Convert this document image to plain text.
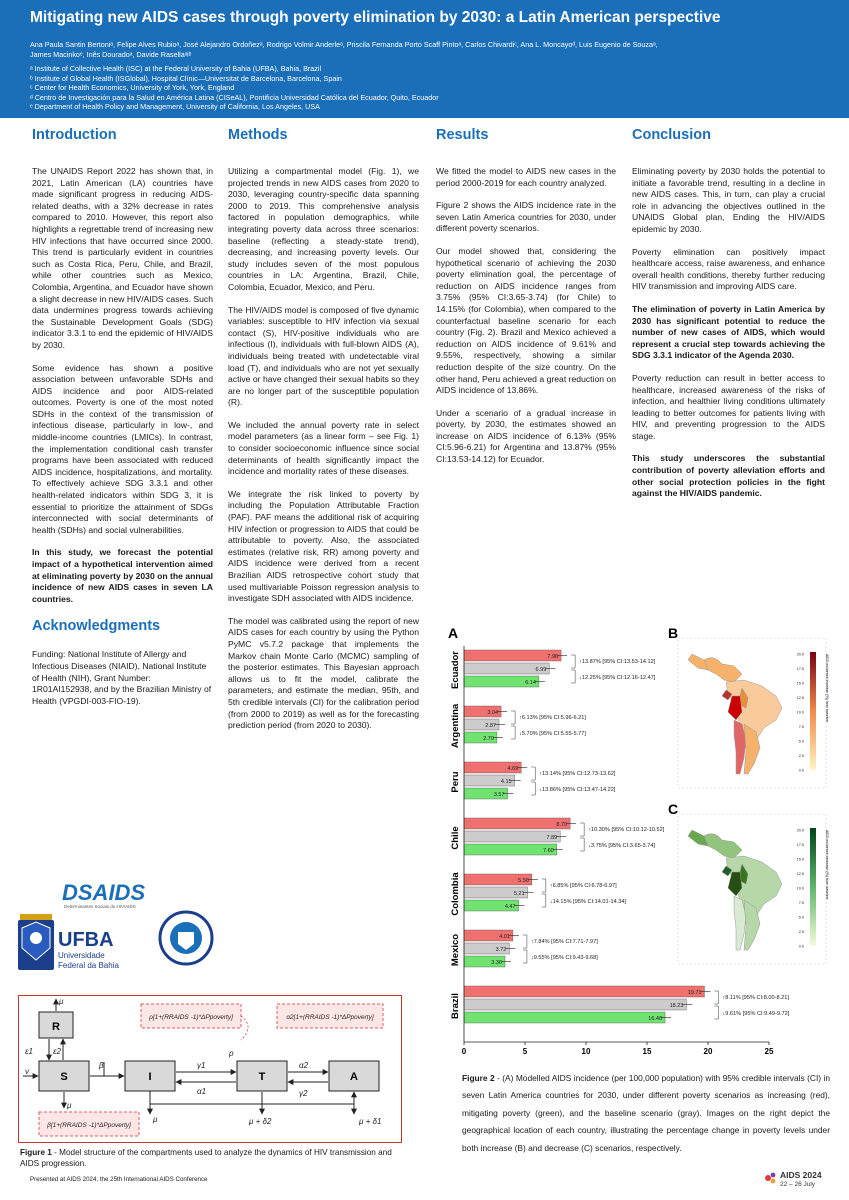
Mitigating new AIDS cases through poverty elimination by 2030: a Latin American perspective
Ana Paula Santin Bertoniᵃ, Felipe Alves Rubioᵃ, José Alejandro Ordoñezᵃ, Rodrigo Volmir Anderleᵃ, Priscila Fernanda Porto Scaff Pintoᵃ, Carlos Chivardiᶜ, Ana L. Moncayoᵈ, Luis Eugenio de Souzaᵃ,
James Macinkoᵉ, Inês Douradoᵃ, Davide Rasellaᵃʲᵇ
ᵃ Institute of Collective Health (ISC) at the Federal University of Bahia (UFBA), Bahia, Brazil
ᵇ Institute of Global Health (ISGlobal), Hospital Clínic—Universitat de Barcelona, Barcelona, Spain
ᶜ Center for Health Economics, University of York, York, England
ᵈ Centro de Investigación para la Salud en América Latina (CISeAL), Pontificia Universidad Católica del Ecuador, Quito, Ecuador
ᵉ Department of Health Policy and Management, University of California, Los Angeles, USA
Introduction
The UNAIDS Report 2022 has shown that, in 2021, Latin American (LA) countries have made significant progress in reducing AIDS-related deaths, with a 32% decrease in rates compared to 2010. However, this report also highlights a regrettable trend of increasing new HIV infections that have occurred since 2000. This trend is particularly evident in countries such as Costa Rica, Peru, Chile, and Brazil, while other countries such as Mexico, Colombia, Argentina, and Ecuador have shown a slight decrease in new HIV/AIDS cases. Such data undermines progress towards achieving the Sustainable Development Goals (SDG) indicator 3.3.1 to end the epidemic of HIV/AIDS by 2030.
Some evidence has shown a positive association between unfavorable SDHs and AIDS incidence and poor AIDS-related outcomes. Poverty is one of the most noted SDHs in the context of the transmission of infectious disease, particularly in low-, and middle-income countries (LMICs). In contrast, the implementation conditional cash transfer programs have been associated with reduced AIDS incidence, hospitalizations, and mortality. To effectively achieve SDG 3.3.1 and other health-related indicators within SDG 3, it is essential to prioritize the attainment of SDGs interconnected with social determinants of health (SDHs) and social vulnerabilities.
In this study, we forecast the potential impact of a hypothetical intervention aimed at eliminating poverty by 2030 on the annual incidence of new AIDS cases in seven LA countries.
Acknowledgments
Funding: National Institute of Allergy and Infectious Diseases (NIAID), National Institute of Health (NIH), Grant Number: 1R01AI152938, and by the Brazilian Ministry of Health (VPGDI-003-FIO-19).
DSAIDS
Determinantes Sociais do HIV/AIDS
UFBA
Universidade
Federal da Bahia
R
S	I	T	A
μ
ε1	ε2
β
v
γ1
α1
α2
γ2
ρ
μ
μ	μ + δ2	μ + δ1
ρ[1+(RRAIDS -1)*ΔPpoverty]	α2[1+(RRAIDS -1)*ΔPpoverty]
β[1+(RRAIDS -1)*ΔPpoverty]
Figure 1 - Model structure of the compartments used to analyze the dynamics of HIV transmission and AIDS progression.
Methods
Utilizing a compartmental model (Fig. 1), we projected trends in new AIDS cases from 2020 to 2030, leveraging country-specific data spanning 2000 to 2019. This comprehensive analysis factored in population demographics, while integrating poverty data across three scenarios: baseline (reflecting a steady-state trend), decreasing, and increasing poverty levels. Our study includes seven of the most populous countries in LA: Argentina, Brazil, Chile, Colombia, Ecuador, Mexico, and Peru.
The HIV/AIDS model is composed of five dynamic variables: susceptible to HIV infection via sexual contact (S), HIV-positive individuals who are infectious (I), individuals with full-blown AIDS (A), individuals being treated with undetectable viral load (T), and individuals who are not yet sexually active or have changed their sexual habits so they are no longer part of the susceptible population (R).
We included the annual poverty rate in select model parameters (as a linear form – see Fig. 1) to consider socioeconomic influence since social determinants of health significantly impact the incidence and mortality rates of these diseases.
We integrate the risk linked to poverty by including the Population Attributable Fraction (PAF). PAF means the additional risk of acquiring HIV infection or progression to AIDS that could be attributable to poverty. Also, the associated estimates (relative risk, RR) among poverty and AIDS incidence were derived from a recent Brazilian AIDS retrospective cohort study that used multivariable Poisson regression analysis to investigate SDH associated with AIDS incidence.
The model was calibrated using the report of new AIDS cases for each country by using the Python PyMC v5.7.2 package that implements the Markov chain Monte Carlo (MCMC) sampling of the posterior estimates. This Bayesian approach allows us to fit the model, calibrate the parameters, and estimate the median, 95th, and 5th credible intervals (CI) for the calibration period (from 2000 to 2019) as well as for the forecasting prediction period (from 2020 to 2030).
Results
We fitted the model to AIDS new cases in the period 2000-2019 for each country analyzed.
Figure 2 shows the AIDS incidence rate in the seven Latin America countries for 2030, under different poverty scenarios.
Our model showed that, considering the hypothetical scenario of achieving the 2030 poverty elimination goal, the percentage of reduction on AIDS incidence ranges from 3.75% (95% CI:3.65-3.74) (for Chile) to 14.15% (for Colombia), when compared to the counterfactual baseline scenario for each country (Fig. 2). Brazil and Mexico achieved a reduction on AIDS incidence of 9.61% and 9.55%, respectively, showing a similar reduction despite of the size country. On the other hand, Peru achieved a great reduction on AIDS incidence of 13.86%.
Under a scenario of a gradual increase in poverty, by 2030, the estimates showed an increase on AIDS incidence of 6.13% (95% CI:5.96-6.21) for Argentina and 13.87% (95% CI:13.53-14.12) for Ecuador.
Conclusion
Eliminating poverty by 2030 holds the potential to initiate a favorable trend, resulting in a decline in new AIDS cases. This, in turn, can play a crucial role in advancing the objectives outlined in the UNAIDS Global plan, Ending the HIV/AIDS epidemic by 2030.
Poverty elimination can positively impact healthcare access, raise awareness, and enhance overall health conditions, thereby further reducing HIV transmission and improving AIDS care.
The elimination of poverty in Latin America by 2030 has significant potential to reduce the number of new cases of AIDS, which would represent a crucial step towards achieving the SDG 3.3.1 indicator of the Agenda 2030.
Poverty reduction can result in better access to healthcare, increased awareness of the risks of infection, and healthier living conditions ultimately leading to better outcomes for patients living with HIV, and preventing progression to the AIDS stage.
This study underscores the substantial contribution of poverty alleviation efforts and other social protection policies in the fight against the HIV/AIDS pandemic.
A
Ecuador	7.96
6.99
6.14
↑13.87% [95% CI:13.53-14.12]
↓12.25% [95% CI:12.16-12.47]
Argentina	3.04
2.87
2.70
↑6.13% [95% CI:5.96-6.21]
↓5.70% [95% CI:5.55-5.77]
Peru
4.69
4.15
3.57
↑13.14% [95% CI:12.73-13.62]
↓13.86% [95% CI:13.47-14.22]
Chile
8.70
7.89
7.60
↑10.30% [95% CI:10.12-10.52]
↓3.75% [95% CI:3.65-3.74]
Colombia	5.56
5.21
4.47
↑6.85% [95% CI:6.78-6.97]
↓14.15% [95% CI:14.01-14.34]
Mexico	4.01
3.72
3.36
↑7.84% [95% CI:7.71-7.97]
↓9.55% [95% CI:9.43-9.68]
Brazil
19.71
18.23
16.48
↑8.11% [95% CI:8.00-8.21]
↓9.61% [95% CI:9.49-9.72]
0	5	10	15	20	25
B
20.0
17.5
15.0
12.5
10.0
7.5
5.0
2.5
0.0
AIDS incidence increase (%) from baseline
C
20.0
17.5
15.0
12.5
10.0
7.5
5.0
2.5
0.0
AIDS incidence decrease (%) from baseline
Figure 2 - (A) Modelled AIDS incidence (per 100,000 population) with 95% credible intervals (CI) in seven Latin America countries for 2030, under different poverty scenarios as increasing (red), mitigating poverty (green), and the baseline scenario (gray). Images on the right depict the geographical location of each country, illustrating the percentage change in poverty levels under both increase (B) and decrease (C) scenarios, respectively.
Presented at AIDS 2024, the 25th International AIDS Conference	AIDS 2024
22 – 26 July
